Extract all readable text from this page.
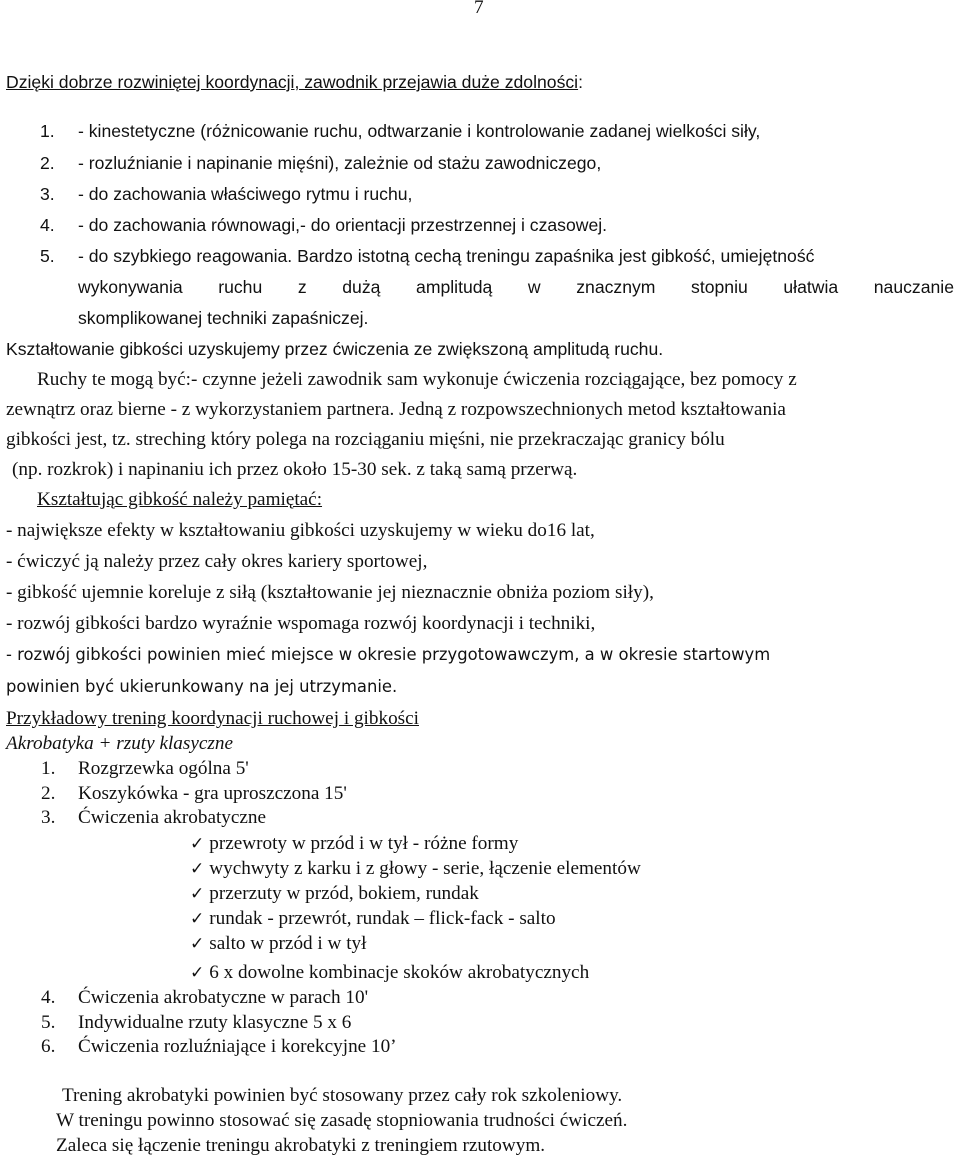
7
Dzięki dobrze rozwiniętej koordynacji, zawodnik przejawia duże zdolności:
1. - kinestetyczne (różnicowanie ruchu, odtwarzanie i kontrolowanie zadanej wielkości siły,
2. - rozluźnianie i napinanie mięśni), zależnie od stażu zawodniczego,
3. - do zachowania właściwego rytmu i ruchu,
4. - do zachowania równowagi,- do orientacji przestrzennej i czasowej.
5. - do szybkiego reagowania. Bardzo istotną cechą treningu zapaśnika jest gibkość, umiejętność
wykonywania ruchu z dużą amplitudą w znacznym stopniu ułatwia nauczanie
skomplikowanej techniki zapaśniczej.
Kształtowanie gibkości uzyskujemy przez ćwiczenia ze zwiększoną amplitudą ruchu.
Ruchy te mogą być:- czynne jeżeli zawodnik sam wykonuje ćwiczenia rozciągające, bez pomocy z
zewnątrz oraz bierne - z wykorzystaniem partnera. Jedną z rozpowszechnionych metod kształtowania
gibkości jest, tz. streching który polega na rozciąganiu mięśni, nie przekraczając granicy bólu
(np. rozkrok) i napinaniu ich przez około 15-30 sek. z taką samą przerwą.
Kształtując gibkość należy pamiętać:
- największe efekty w kształtowaniu gibkości uzyskujemy w wieku do16 lat,
- ćwiczyć ją należy przez cały okres kariery sportowej,
- gibkość ujemnie koreluje z siłą (kształtowanie jej nieznacznie obniża poziom siły),
- rozwój gibkości bardzo wyraźnie wspomaga rozwój koordynacji i techniki,
- rozwój gibkości powinien mieć miejsce w okresie przygotowawczym, a w okresie startowym
powinien być ukierunkowany na jej utrzymanie.
Przykładowy trening koordynacji ruchowej i gibkości
Akrobatyka + rzuty klasyczne
1. Rozgrzewka ogólna 5'
2. Koszykówka - gra uproszczona 15'
3. Ćwiczenia akrobatyczne
✓ przewroty w przód i w tył - różne formy
✓ wychwyty z karku i z głowy - serie, łączenie elementów
✓ przerzuty w przód, bokiem, rundak
✓ rundak - przewrót, rundak – flick-fack - salto
✓ salto w przód i w tył
✓ 6 x dowolne kombinacje skoków akrobatycznych
4. Ćwiczenia akrobatyczne w parach 10'
5. Indywidualne rzuty klasyczne 5 x 6
6. Ćwiczenia rozluźniające i korekcyjne 10’
Trening akrobatyki powinien być stosowany przez cały rok szkoleniowy.
W treningu powinno stosować się zasadę stopniowania trudności ćwiczeń.
Zaleca się łączenie treningu akrobatyki z treningiem rzutowym.
